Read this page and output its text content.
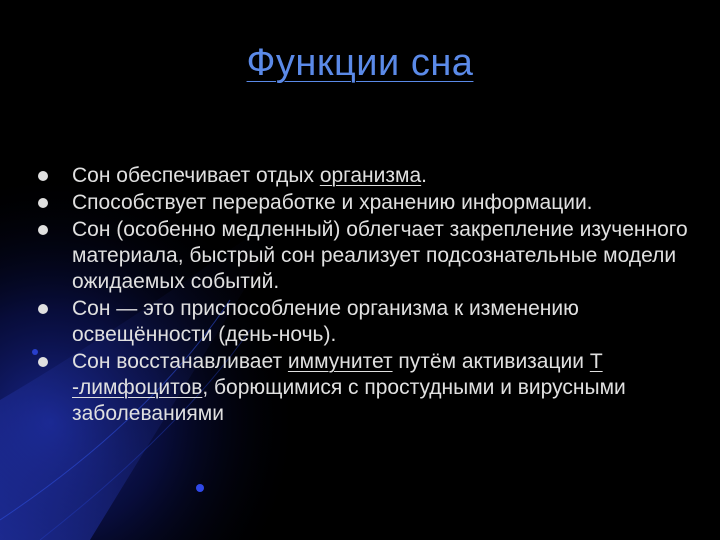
Функции сна
Сон обеспечивает отдых организма.
Способствует переработке и хранению информации.
Сон (особенно медленный) облегчает закрепление изученного материала, быстрый сон реализует подсознательные модели ожидаемых событий.
Сон — это приспособление организма к изменению освещённости (день-ночь).
Сон восстанавливает иммунитет путём активизации Т -лимфоцитов, борющимися с простудными и вирусными заболеваниями
